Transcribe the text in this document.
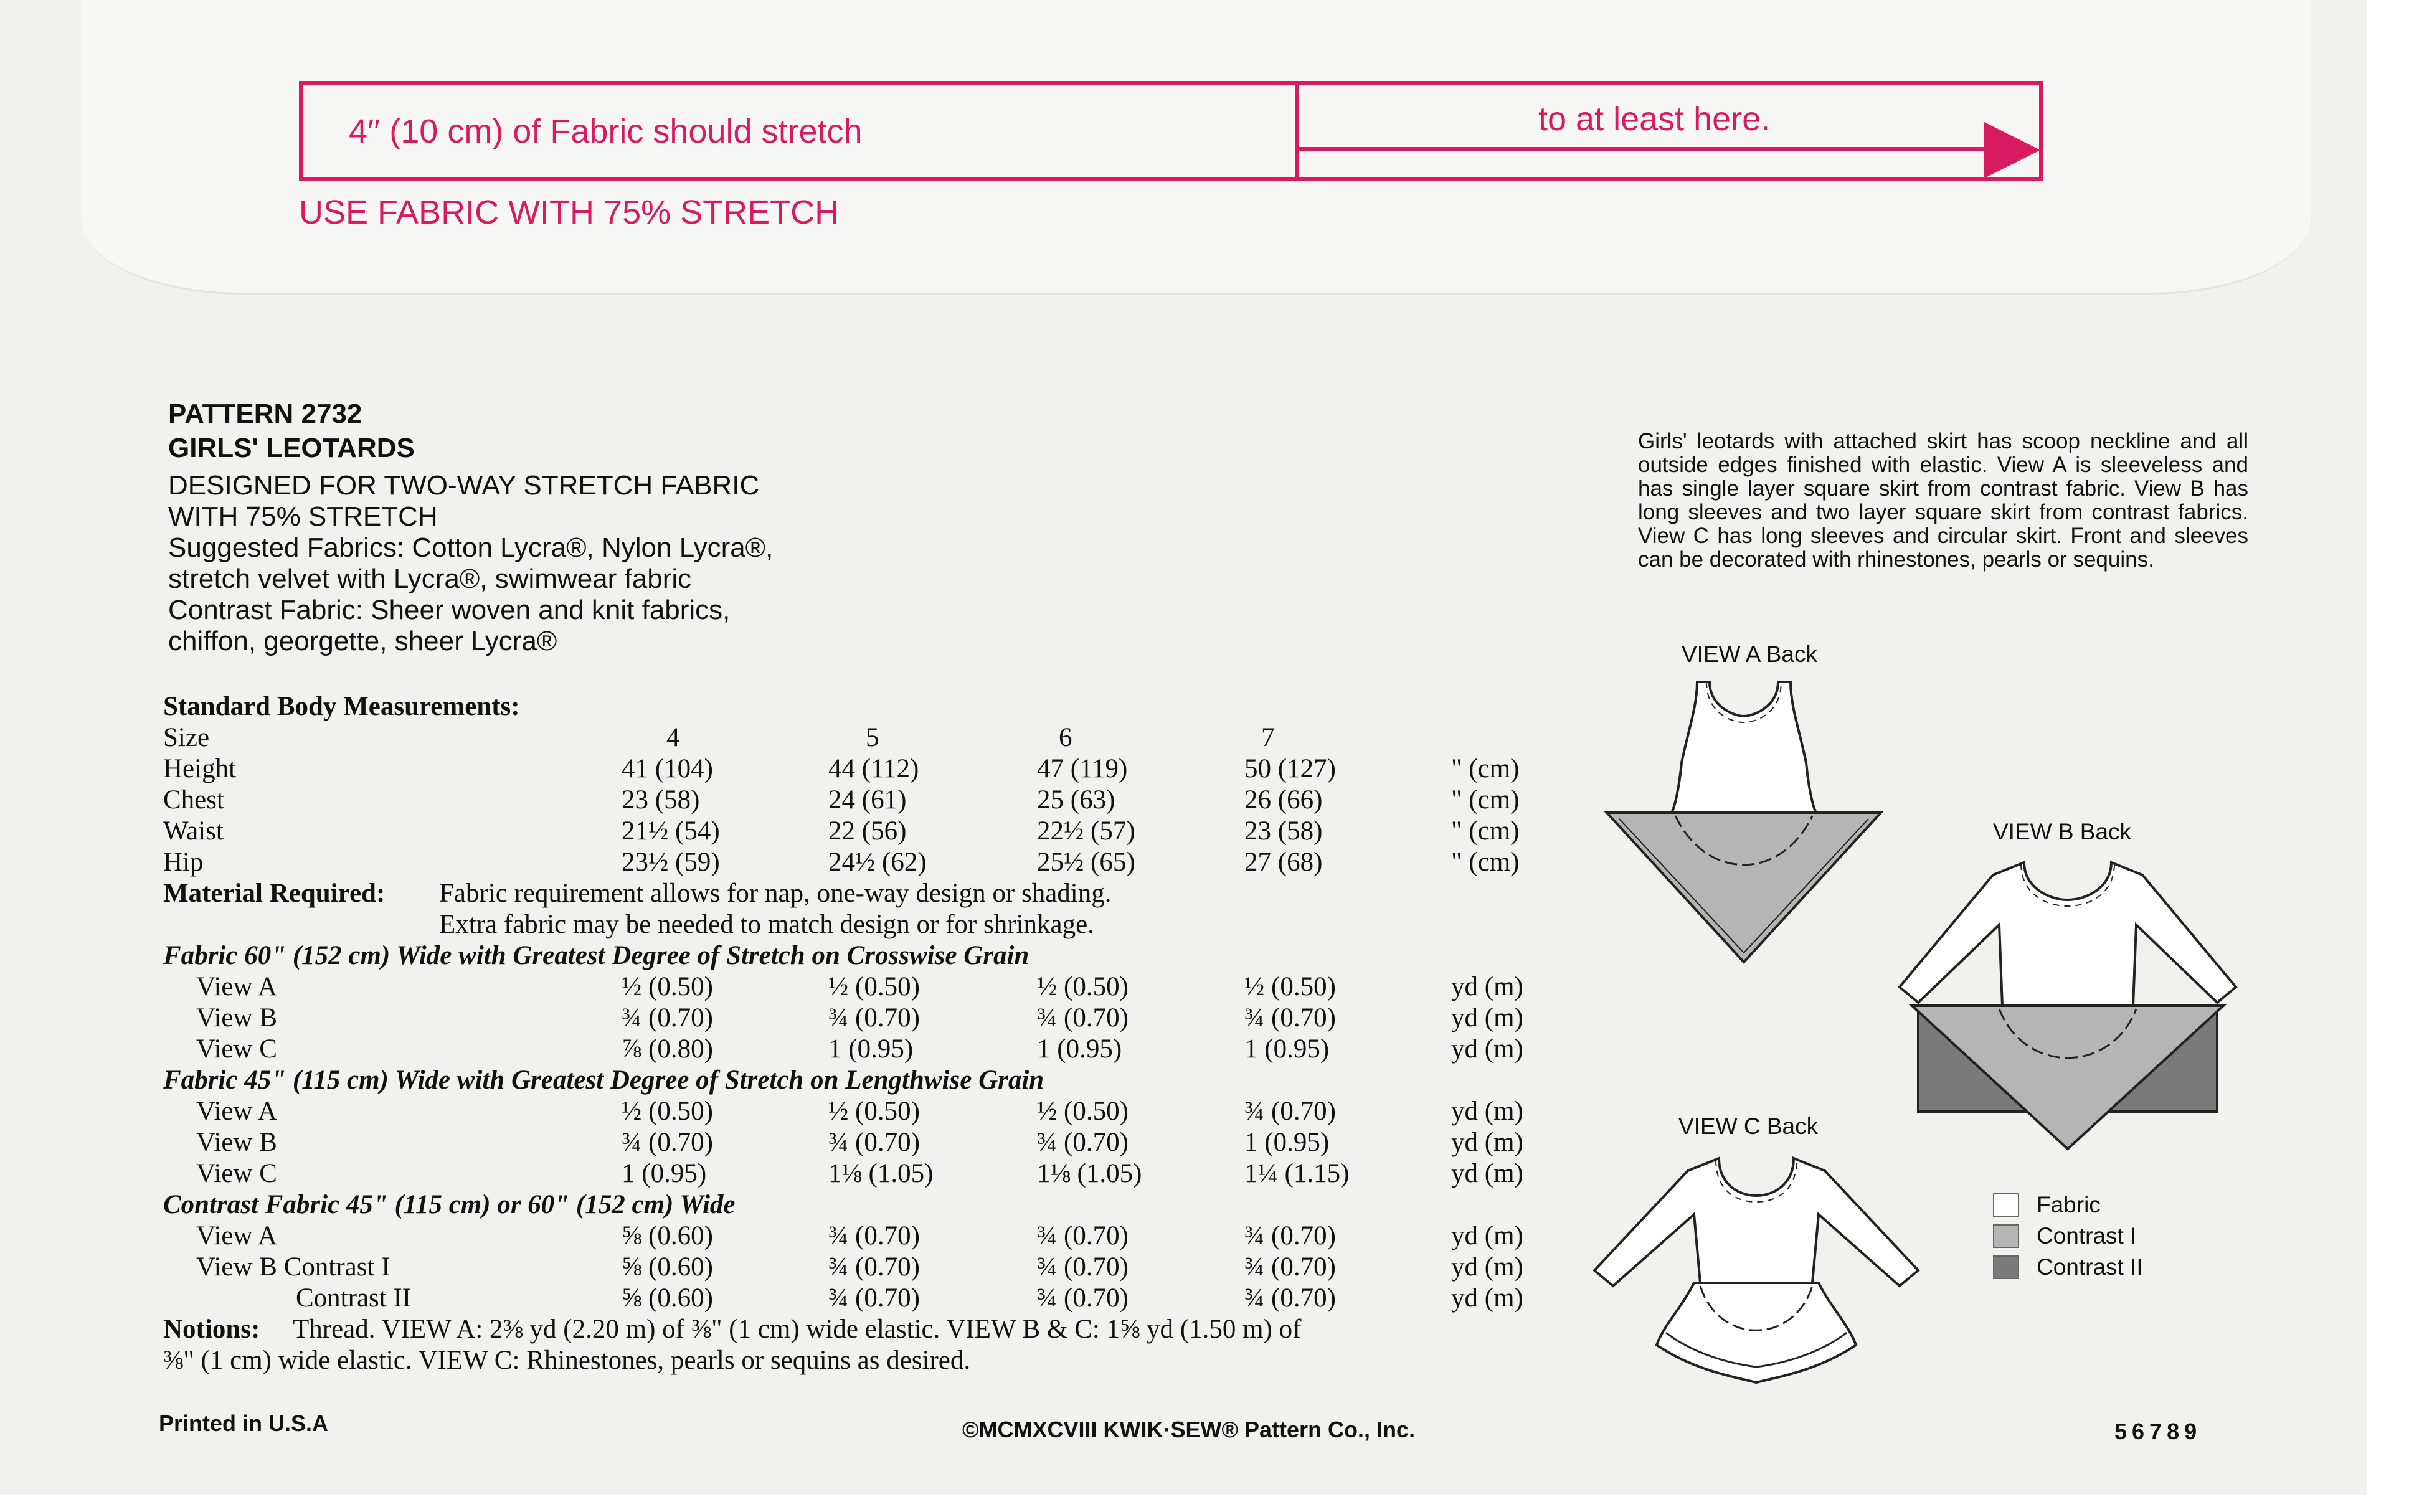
4′′ (10 cm) of Fabric should stretch	to at least here.
USE FABRIC WITH 75% STRETCH
PATTERN 2732
GIRLS' LEOTARDS
DESIGNED FOR TWO-WAY STRETCH FABRIC
WITH 75% STRETCH
Suggested Fabrics: Cotton Lycra®, Nylon Lycra®,
stretch velvet with Lycra®, swimwear fabric
Contrast Fabric: Sheer woven and knit fabrics,
chiffon, georgette, sheer Lycra®
Standard Body Measurements:
Size	4	5	6	7
Height	41 (104)	44 (112)	47 (119)	50 (127)	" (cm)
Chest	23 (58)	24 (61)	25 (63)	26 (66)	" (cm)
Waist	21½ (54)	22 (56)	22½ (57)	23 (58)	" (cm)
Hip	23½ (59)	24½ (62)	25½ (65)	27 (68)	" (cm)
Material Required: Fabric requirement allows for nap, one-way design or shading.
Extra fabric may be needed to match design or for shrinkage.
Fabric 60" (152 cm) Wide with Greatest Degree of Stretch on Crosswise Grain
View A	½ (0.50)	½ (0.50)	½ (0.50)	½ (0.50)	yd (m)
View B	¾ (0.70)	¾ (0.70)	¾ (0.70)	¾ (0.70)	yd (m)
View C	⅞ (0.80)	1 (0.95)	1 (0.95)	1 (0.95)	yd (m)
Fabric 45" (115 cm) Wide with Greatest Degree of Stretch on Lengthwise Grain
View A	½ (0.50)	½ (0.50)	½ (0.50)	¾ (0.70)	yd (m)
View B	¾ (0.70)	¾ (0.70)	¾ (0.70)	1 (0.95)	yd (m)
View C	1 (0.95)	1⅛ (1.05)	1⅛ (1.05)	1¼ (1.15)	yd (m)
Contrast Fabric 45" (115 cm) or 60" (152 cm) Wide
View A	⅝ (0.60)	¾ (0.70)	¾ (0.70)	¾ (0.70)	yd (m)
View B Contrast I	⅝ (0.60)	¾ (0.70)	¾ (0.70)	¾ (0.70)	yd (m)
Contrast II	⅝ (0.60)	¾ (0.70)	¾ (0.70)	¾ (0.70)	yd (m)
Notions: Thread. VIEW A: 2⅜ yd (2.20 m) of ⅜" (1 cm) wide elastic. VIEW B & C: 1⅝ yd (1.50 m) of
⅜" (1 cm) wide elastic. VIEW C: Rhinestones, pearls or sequins as desired.
Girls' leotards with attached skirt has scoop neckline and all outside edges finished with elastic. View A is sleeveless and has single layer square skirt from contrast fabric. View B has long sleeves and two layer square skirt from contrast fabrics. View C has long sleeves and circular skirt. Front and sleeves can be decorated with rhinestones, pearls or sequins.
VIEW A Back
VIEW B Back
VIEW C Back
Fabric
Contrast I
Contrast II
Printed in U.S.A	©MCMXCVIII KWIK·SEW® Pattern Co., Inc.	56789
